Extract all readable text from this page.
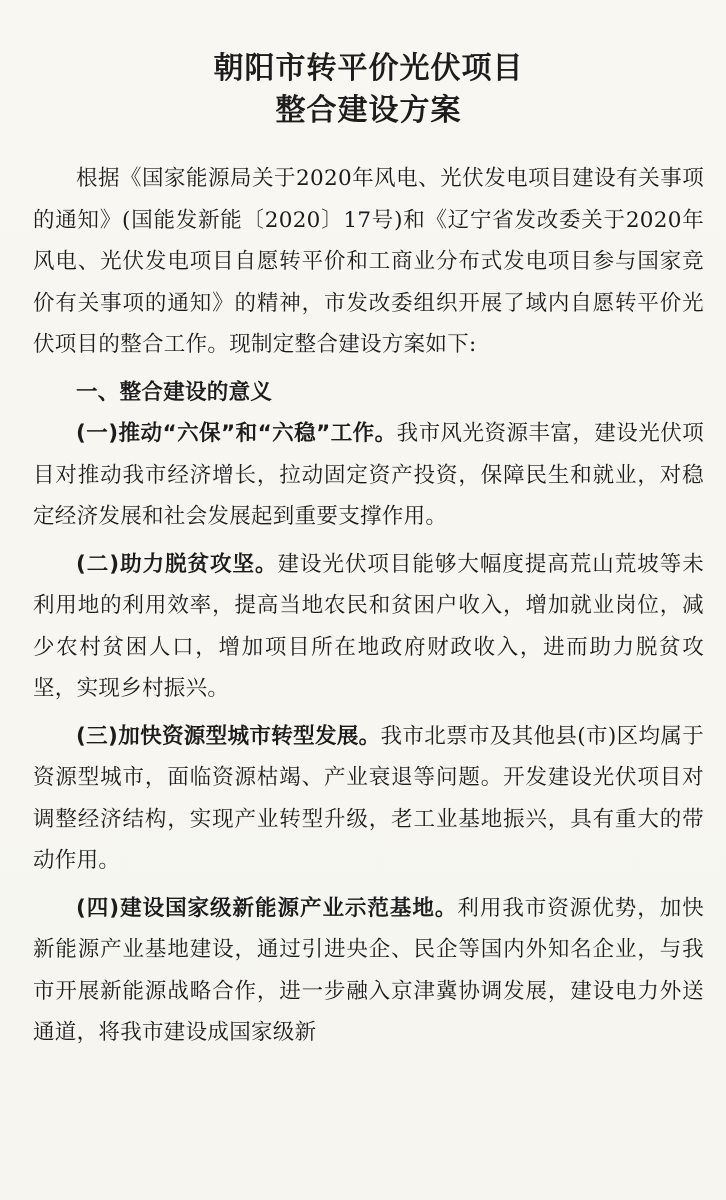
朝阳市转平价光伏项目
整合建设方案

根据《国家能源局关于2020年风电、光伏发电项目建设有关事项的通知》(国能发新能〔2020〕17号)和《辽宁省发改委关于2020年风电、光伏发电项目自愿转平价和工商业分布式发电项目参与国家竞价有关事项的通知》的精神，市发改委组织开展了域内自愿转平价光伏项目的整合工作。现制定整合建设方案如下:

一、整合建设的意义

(一)推动“六保”和“六稳”工作。我市风光资源丰富，建设光伏项目对推动我市经济增长，拉动固定资产投资，保障民生和就业，对稳定经济发展和社会发展起到重要支撑作用。

(二)助力脱贫攻坚。建设光伏项目能够大幅度提高荒山荒坡等未利用地的利用效率，提高当地农民和贫困户收入，增加就业岗位，减少农村贫困人口，增加项目所在地政府财政收入，进而助力脱贫攻坚，实现乡村振兴。

(三)加快资源型城市转型发展。我市北票市及其他县(市)区均属于资源型城市，面临资源枯竭、产业衰退等问题。开发建设光伏项目对调整经济结构，实现产业转型升级，老工业基地振兴，具有重大的带动作用。

(四)建设国家级新能源产业示范基地。利用我市资源优势，加快新能源产业基地建设，通过引进央企、民企等国内外知名企业，与我市开展新能源战略合作，进一步融入京津冀协调发展，建设电力外送通道，将我市建设成国家级新
